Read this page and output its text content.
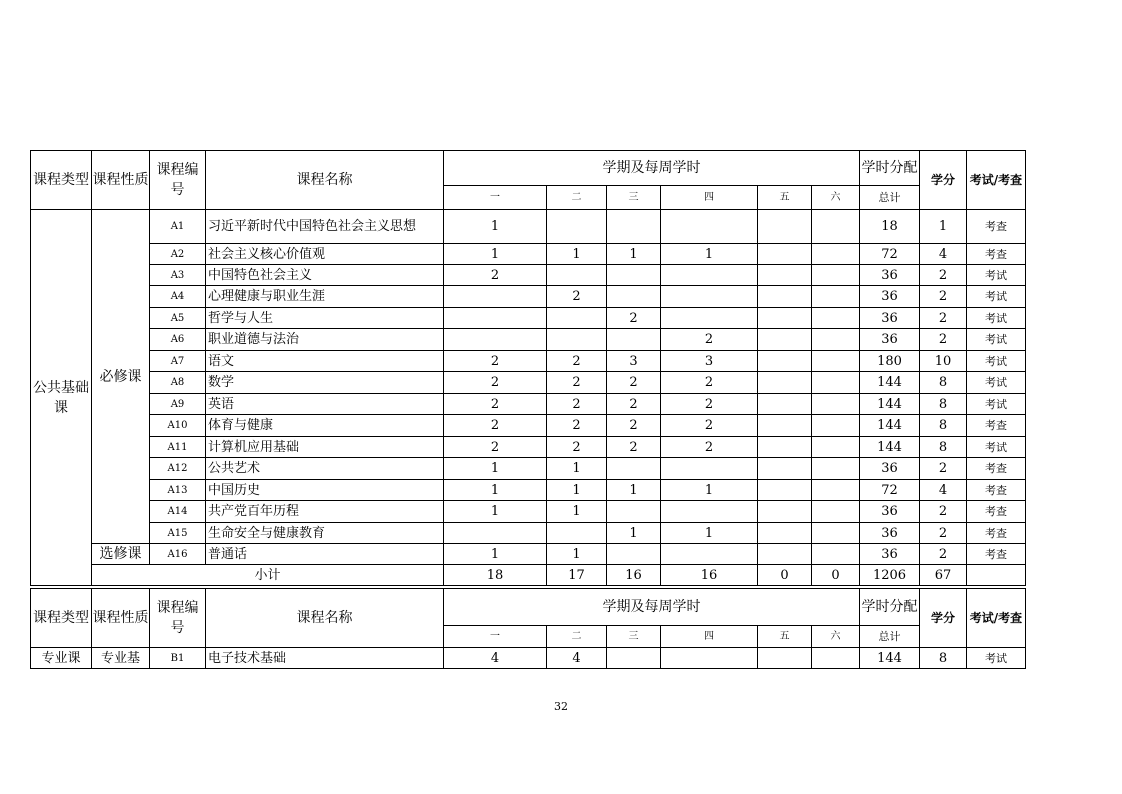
课程类型	课程性质	课程编号	课程名称	学期及每周学时						学时分配	学分	考试/考查
				一	二	三	四	五	六	总计		
公共基础课	必修课	A1	习近平新时代中国特色社会主义思想	1						18	1	考查
		A2	社会主义核心价值观	1	1	1	1			72	4	考查
		A3	中国特色社会主义	2						36	2	考试
		A4	心理健康与职业生涯		2					36	2	考试
		A5	哲学与人生			2				36	2	考试
		A6	职业道德与法治				2			36	2	考试
		A7	语文	2	2	3	3			180	10	考试
		A8	数学	2	2	2	2			144	8	考试
		A9	英语	2	2	2	2			144	8	考试
		A10	体育与健康	2	2	2	2			144	8	考查
		A11	计算机应用基础	2	2	2	2			144	8	考试
		A12	公共艺术	1	1					36	2	考查
		A13	中国历史	1	1	1	1			72	4	考查
		A14	共产党百年历程	1	1					36	2	考查
		A15	生命安全与健康教育			1	1			36	2	考查
	选修课	A16	普通话	1	1					36	2	考查
	小计			18	17	16	16	0	0	1206	67	
课程类型	课程性质	课程编号	课程名称	学期及每周学时						学时分配	学分	考试/考查
				一	二	三	四	五	六	总计		
专业课	专业基	B1	电子技术基础	4	4					144	8	考试
32
